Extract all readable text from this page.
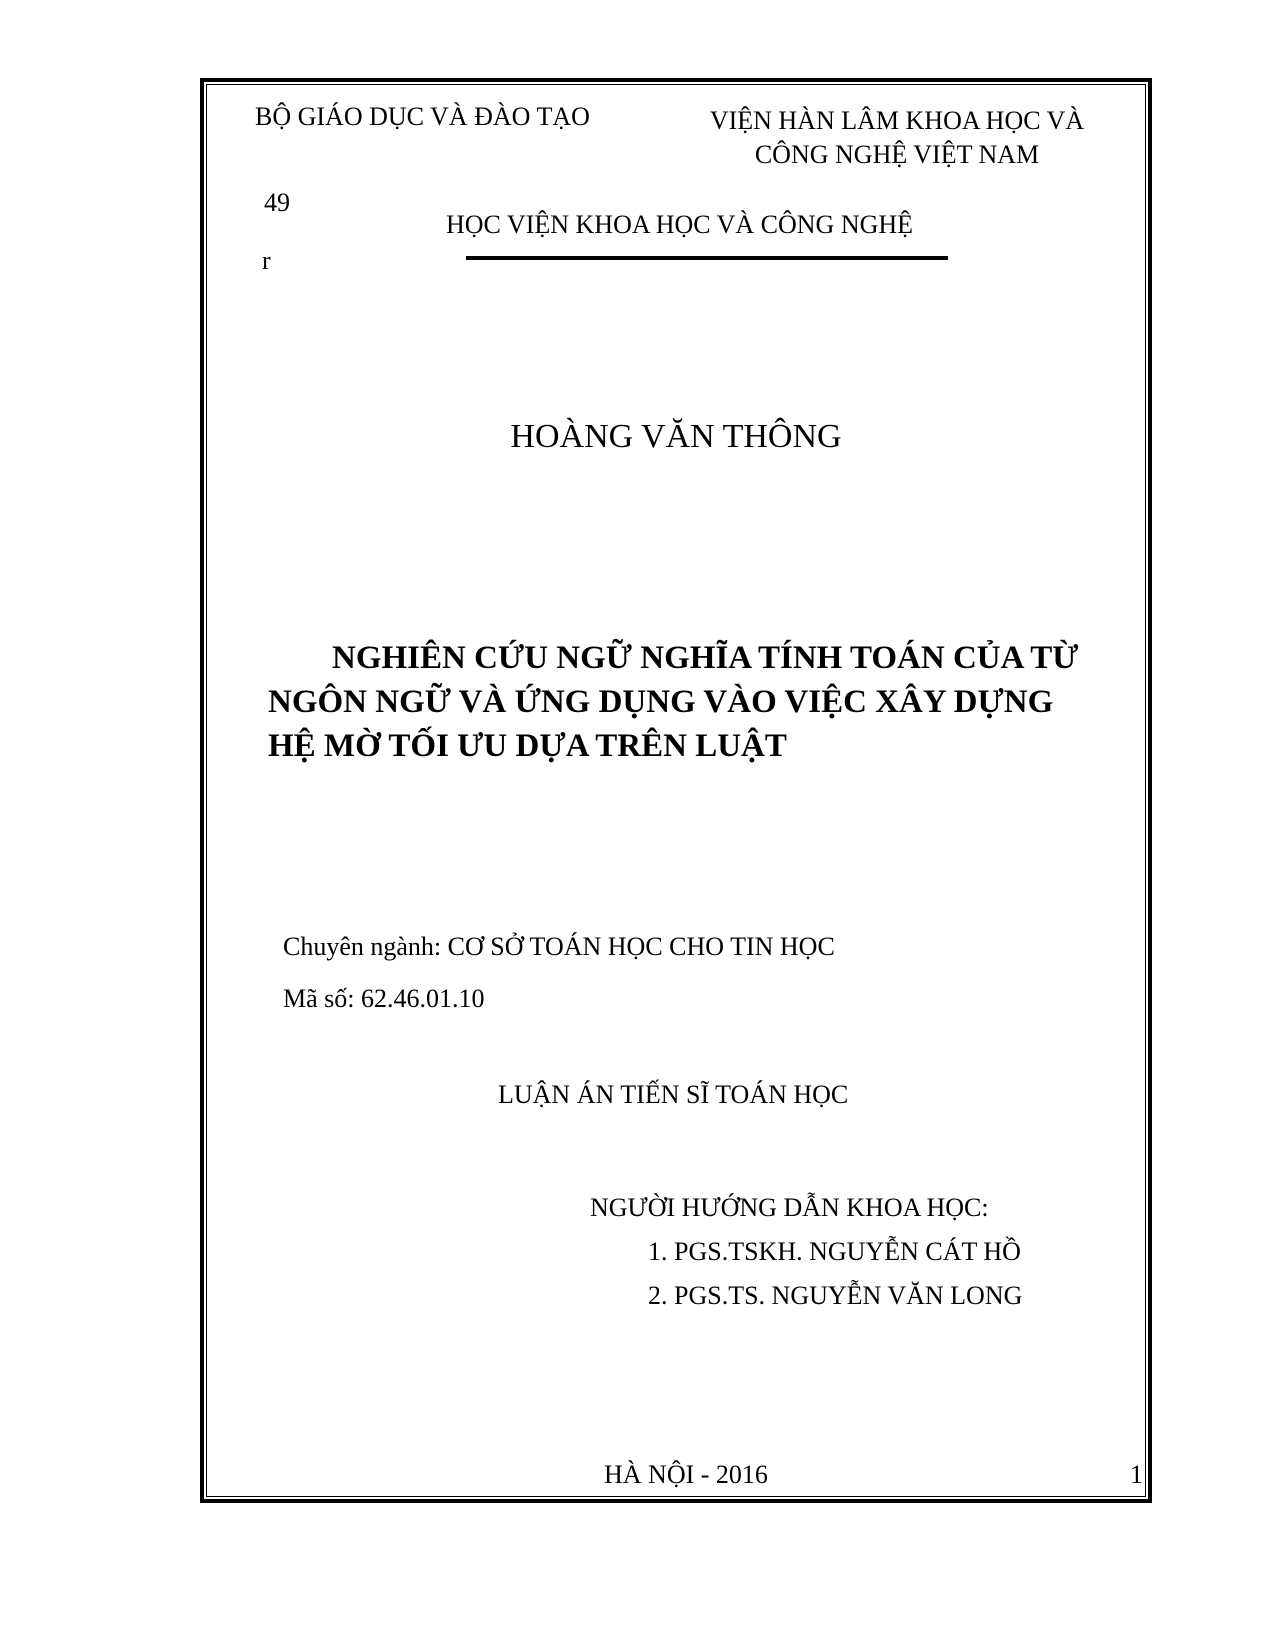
BỘ GIÁO DỤC VÀ ĐÀO TẠO	VIỆN HÀN LÂM KHOA HỌC VÀ
CÔNG NGHỆ VIỆT NAM
49
r
HỌC VIỆN KHOA HỌC VÀ CÔNG NGHỆ
HOÀNG VĂN THÔNG
NGHIÊN CỨU NGỮ NGHĨA TÍNH TOÁN CỦA TỪ NGÔN NGỮ VÀ ỨNG DỤNG VÀO VIỆC XÂY DỰNG HỆ MỜ TỐI ƯU DỰA TRÊN LUẬT
Chuyên ngành: CƠ SỞ TOÁN HỌC CHO TIN HỌC
Mã số: 62.46.01.10
LUẬN ÁN TIẾN SĨ TOÁN HỌC
NGƯỜI HƯỚNG DẪN KHOA HỌC:
1. PGS.TSKH. NGUYỄN CÁT HỒ
2. PGS.TS. NGUYỄN VĂN LONG
HÀ NỘI - 2016	1
